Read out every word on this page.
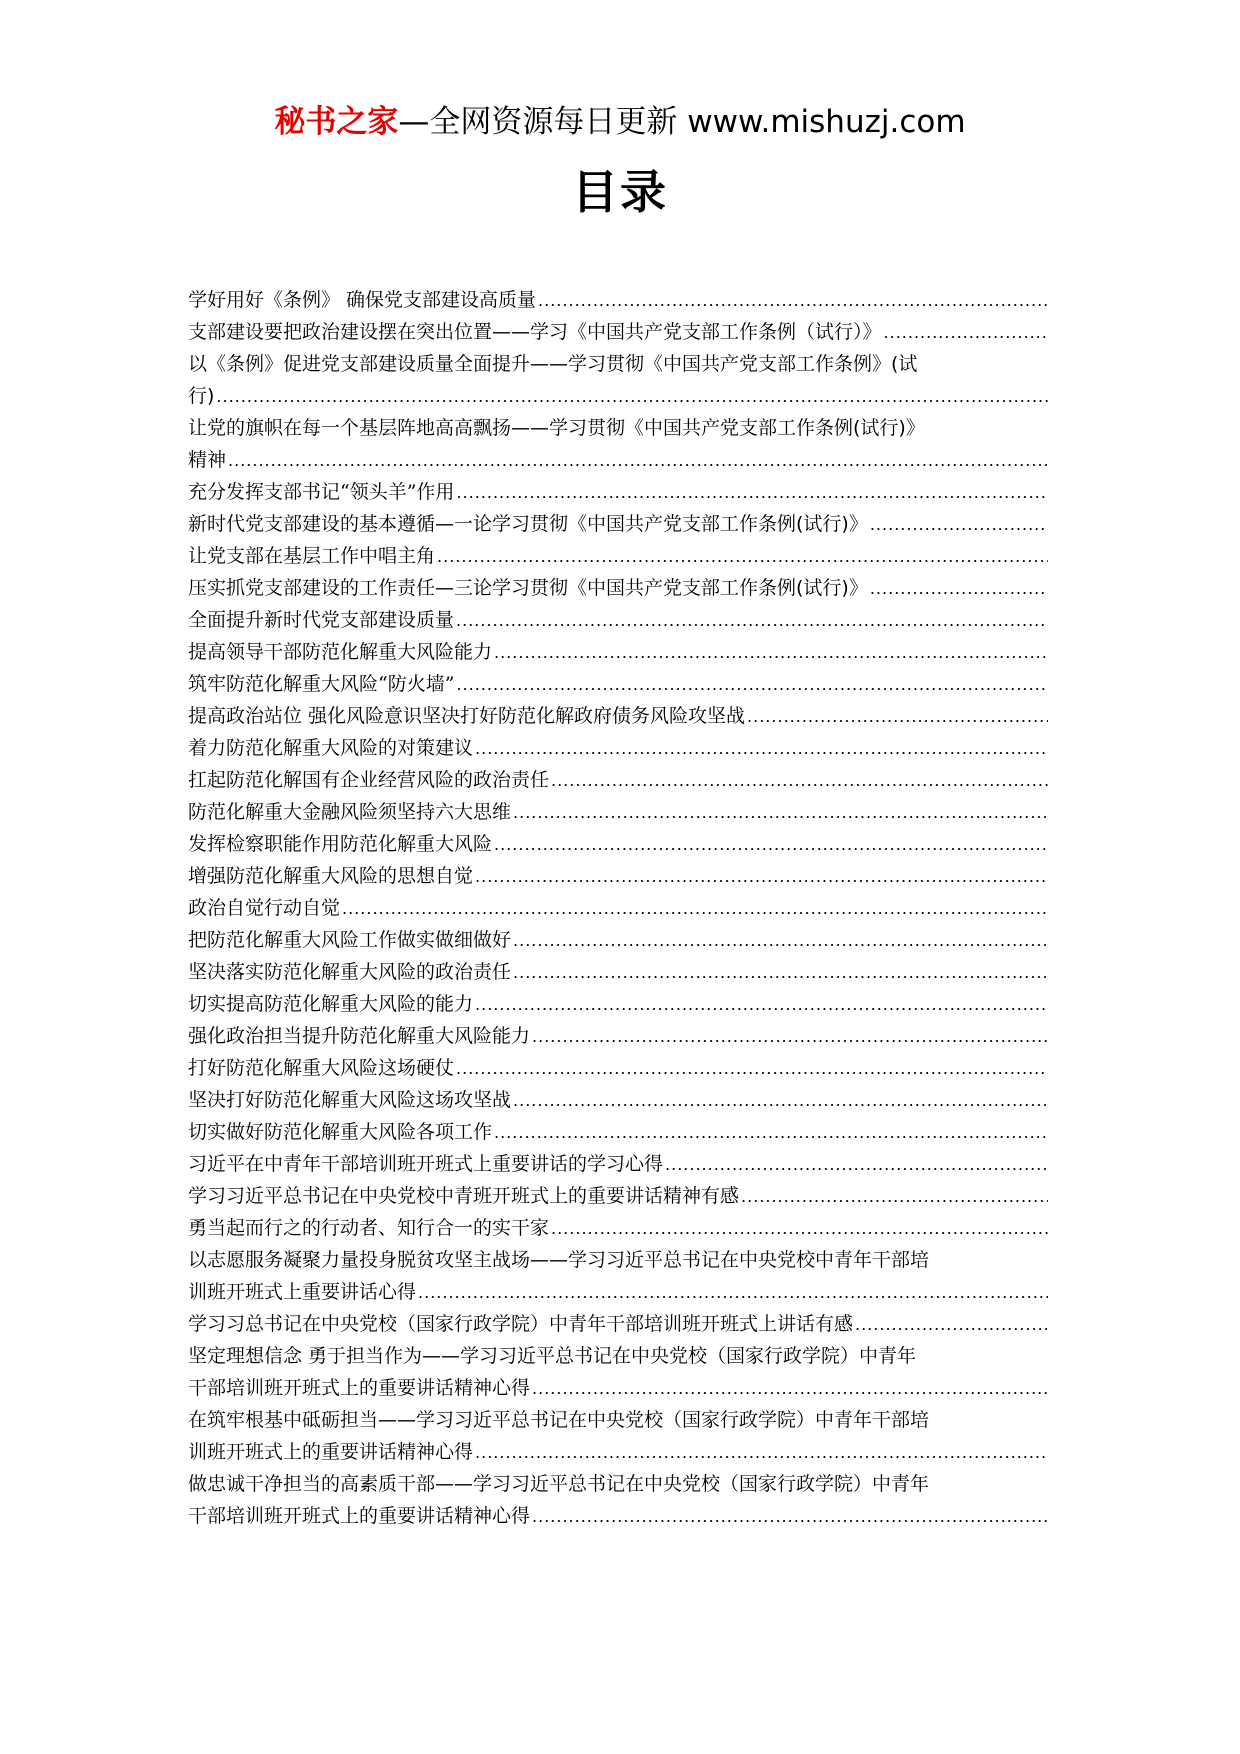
秘书之家—全网资源每日更新 www.mishuzj.com
目录
学好用好《条例》 确保党支部建设高质量
.....
支部建设要把政治建设摆在突出位置——学习《中国共产党支部工作条例（试行）》
.....
以《条例》促进党支部建设质量全面提升——学习贯彻《中国共产党支部工作条例》(试
行)
.....
让党的旗帜在每一个基层阵地高高飘扬——学习贯彻《中国共产党支部工作条例(试行)》
精神
.....
充分发挥支部书记“领头羊”作用
.....
新时代党支部建设的基本遵循—一论学习贯彻《中国共产党支部工作条例(试行)》
.....
让党支部在基层工作中唱主角
.....
压实抓党支部建设的工作责任—三论学习贯彻《中国共产党支部工作条例(试行)》
.....
全面提升新时代党支部建设质量
.....
提高领导干部防范化解重大风险能力
.....
筑牢防范化解重大风险“防火墙”
.....
提高政治站位 强化风险意识坚决打好防范化解政府债务风险攻坚战
.....
着力防范化解重大风险的对策建议
.....
扛起防范化解国有企业经营风险的政治责任
.....
防范化解重大金融风险须坚持六大思维
.....
发挥检察职能作用防范化解重大风险
.....
增强防范化解重大风险的思想自觉
.....
政治自觉行动自觉
.....
把防范化解重大风险工作做实做细做好
.....
坚决落实防范化解重大风险的政治责任
.....
切实提高防范化解重大风险的能力
.....
强化政治担当提升防范化解重大风险能力
.....
打好防范化解重大风险这场硬仗
.....
坚决打好防范化解重大风险这场攻坚战
.....
切实做好防范化解重大风险各项工作
.....
习近平在中青年干部培训班开班式上重要讲话的学习心得
.....
学习习近平总书记在中央党校中青班开班式上的重要讲话精神有感
.....
勇当起而行之的行动者、知行合一的实干家
.....
以志愿服务凝聚力量投身脱贫攻坚主战场——学习习近平总书记在中央党校中青年干部培
训班开班式上重要讲话心得
.....
学习习总书记在中央党校（国家行政学院）中青年干部培训班开班式上讲话有感
.....
坚定理想信念 勇于担当作为——学习习近平总书记在中央党校（国家行政学院）中青年
干部培训班开班式上的重要讲话精神心得
.....
在筑牢根基中砥砺担当——学习习近平总书记在中央党校（国家行政学院）中青年干部培
训班开班式上的重要讲话精神心得
.....
做忠诚干净担当的高素质干部——学习习近平总书记在中央党校（国家行政学院）中青年
干部培训班开班式上的重要讲话精神心得
.....
